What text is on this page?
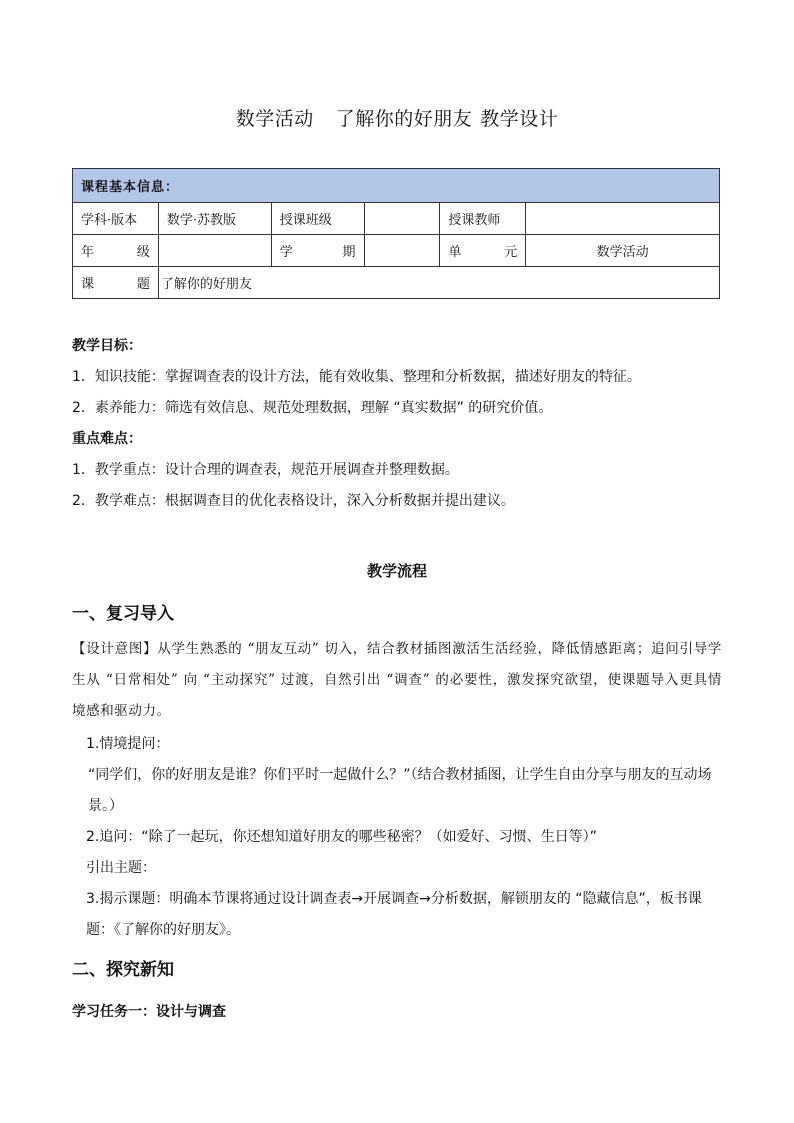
数学活动 了解你的好朋友 教学设计
课程基本信息：					
学科·版本	数学·苏教版	授课班级		授课教师	

年 级		学 期		单 元	数学活动

课 题	了解你的好朋友				
教学目标：
1．知识技能：掌握调查表的设计方法，能有效收集、整理和分析数据，描述好朋友的特征。
2．素养能力：筛选有效信息、规范处理数据，理解 “真实数据” 的研究价值。
重点难点：
1．教学重点：设计合理的调查表，规范开展调查并整理数据。
2．教学难点：根据调查目的优化表格设计，深入分析数据并提出建议。
教学流程
一、复习导入
【设计意图】从学生熟悉的 “朋友互动” 切入，结合教材插图激活生活经验，降低情感距离；追问引导学生从 “日常相处” 向 “主动探究” 过渡，自然引出 “调查” 的必要性，激发探究欲望，使课题导入更具情境感和驱动力。
1.情境提问：
“同学们，你的好朋友是谁？你们平时一起做什么？”（结合教材插图，让学生自由分享与朋友的互动场景。）
2.追问：“除了一起玩，你还想知道好朋友的哪些秘密？（如爱好、习惯、生日等）”
引出主题：
3.揭示课题：明确本节课将通过设计调查表→开展调查→分析数据，解锁朋友的 “隐藏信息”，板书课题：《了解你的好朋友》。
二、探究新知
学习任务一：设计与调查
